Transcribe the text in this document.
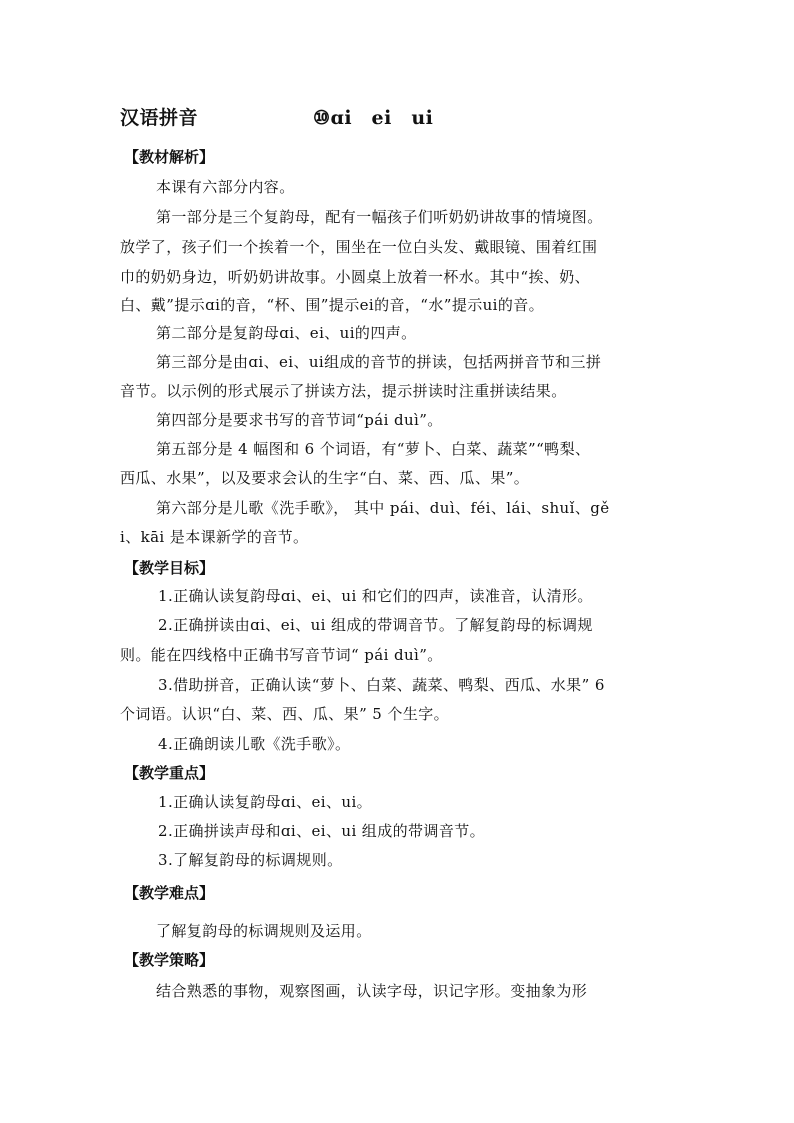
汉语拼音	⑩ɑi　ei　ui
【教材解析】
本课有六部分内容。
第一部分是三个复韵母，配有一幅孩子们听奶奶讲故事的情境图。
放学了，孩子们一个挨着一个，围坐在一位白头发、戴眼镜、围着红围
巾的奶奶身边，听奶奶讲故事。小圆桌上放着一杯水。其中“挨、奶、
白、戴”提示ɑi的音，“杯、围”提示ei的音，“水”提示ui的音。
第二部分是复韵母ɑi、ei、ui的四声。
第三部分是由ɑi、ei、ui组成的音节的拼读，包括两拼音节和三拼
音节。以示例的形式展示了拼读方法，提示拼读时注重拼读结果。
第四部分是要求书写的音节词“pái duì”。
第五部分是 4 幅图和 6 个词语，有“萝卜、白菜、蔬菜”“鸭梨、
西瓜、水果”，以及要求会认的生字“白、菜、西、瓜、果”。
第六部分是儿歌《洗手歌》， 其中 pái、duì、féi、lái、shuǐ、gě
i、kāi 是本课新学的音节。
【教学目标】
1.正确认读复韵母ɑi、ei、ui 和它们的四声，读准音，认清形。
2.正确拼读由ɑi、ei、ui 组成的带调音节。了解复韵母的标调规
则。能在四线格中正确书写音节词“ pái duì”。
3.借助拼音，正确认读“萝卜、白菜、蔬菜、鸭梨、西瓜、水果” 6
个词语。认识“白、菜、西、瓜、果” 5 个生字。
4.正确朗读儿歌《洗手歌》。
【教学重点】
1.正确认读复韵母ɑi、ei、ui。
2.正确拼读声母和ɑi、ei、ui 组成的带调音节。
3.了解复韵母的标调规则。
【教学难点】
了解复韵母的标调规则及运用。
【教学策略】
结合熟悉的事物，观察图画，认读字母，识记字形。变抽象为形
